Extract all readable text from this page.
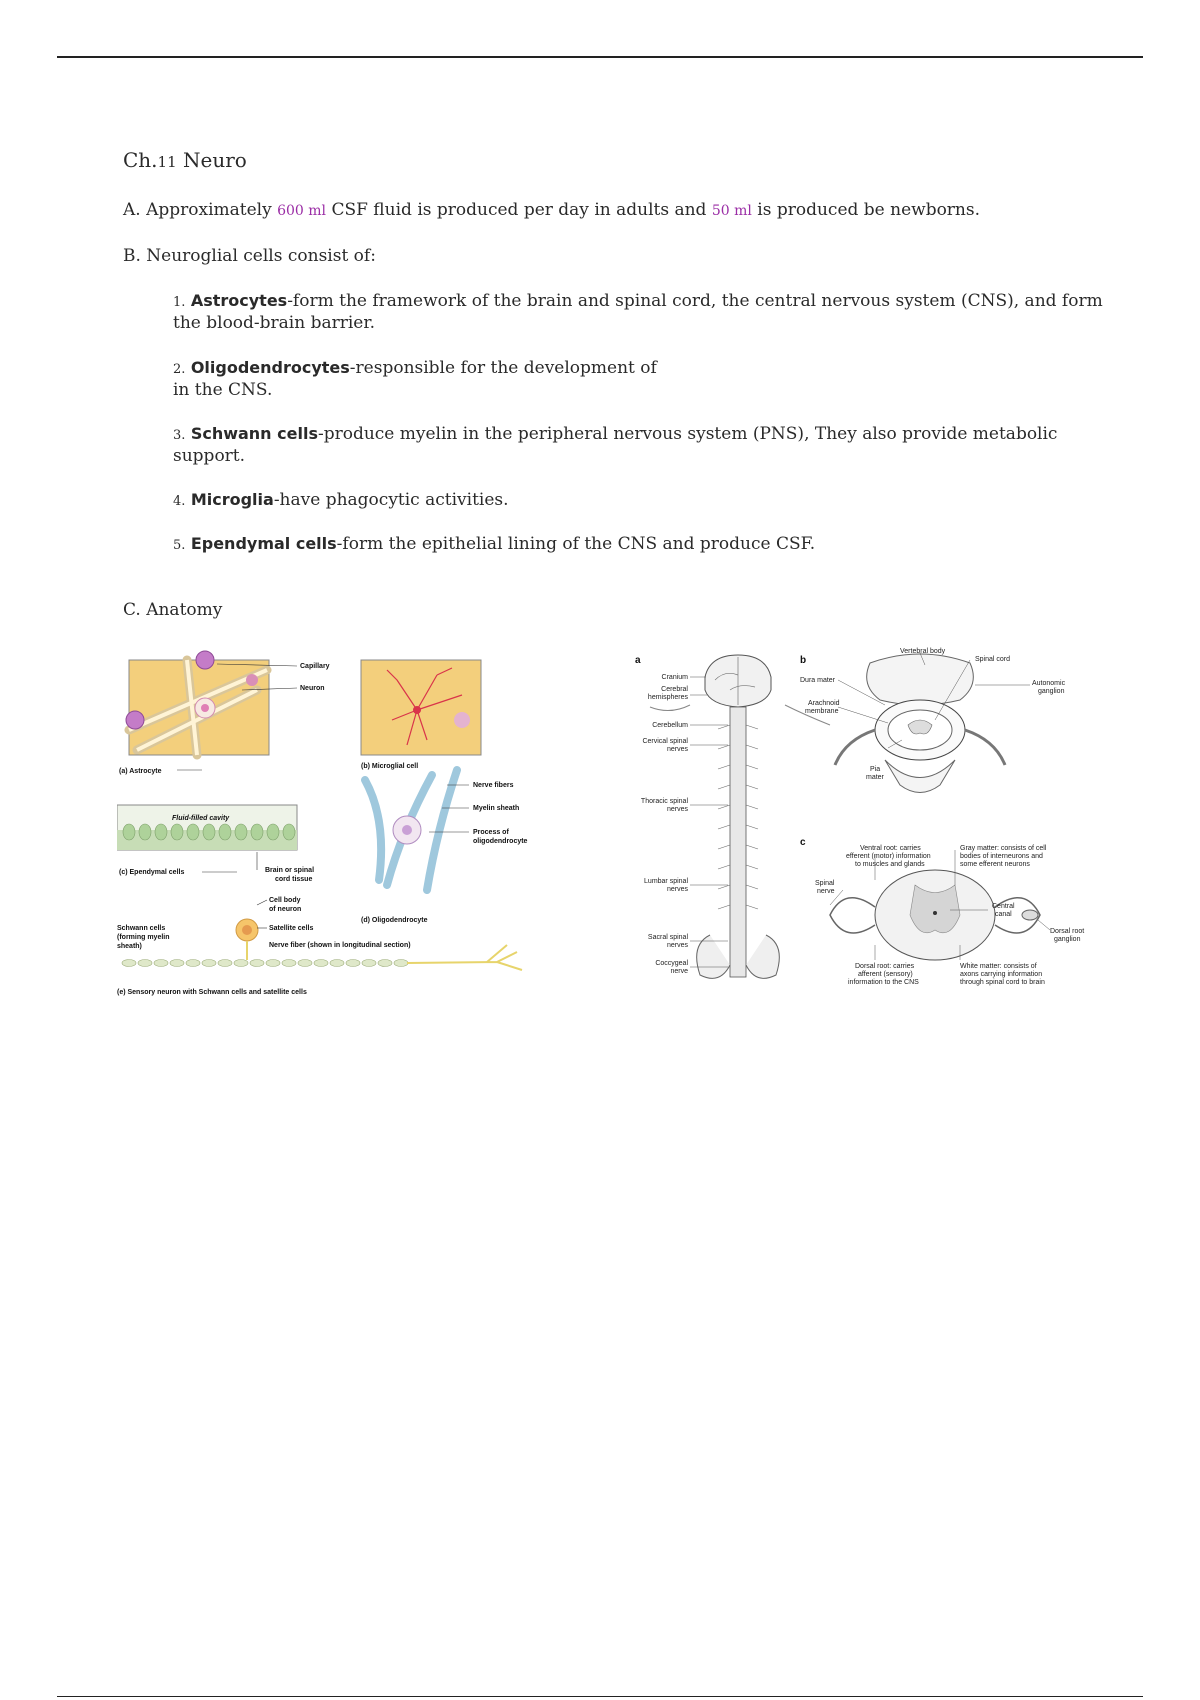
Ch.11 Neuro
A. Approximately 600 ml CSF fluid is produced per day in adults and 50 ml is produced be newborns.
B. Neuroglial cells consist of:
1. Astrocytes-form the framework of the brain and spinal cord, the central nervous system (CNS), and form
the blood-brain barrier.
2. Oligodendrocytes-responsible for the development of
in the CNS.
3. Schwann cells-produce myelin in the peripheral nervous system (PNS), They also provide metabolic
support.
4. Microglia-have phagocytic activities.
5. Ependymal cells-form the epithelial lining of the CNS and produce CSF.
C. Anatomy
Capillary
Neuron
(a) Astrocyte
(b) Microglial cell
Fluid-filled cavity
(c) Ependymal cells	Brain or spinal
cord tissue
Nerve fibers
Myelin sheath
Process of
oligodendrocyte
(d) Oligodendrocyte
Cell body
of neuron
Satellite cells
Nerve fiber (shown in longitudinal section)
Schwann cells
(forming myelin
sheath)
(e) Sensory neuron with Schwann cells and satellite cells
a
Cranium
Cerebral
hemispheres
Cerebellum
Cervical spinal
nerves
Thoracic spinal
nerves
Lumbar spinal
nerves
Sacral spinal
nerves
Coccygeal
nerve
b
Vertebral body
Spinal cord
Dura mater	Autonomic
ganglion
Arachnoid
membrane
Pia
mater
c
Ventral root: carries
efferent (motor) information
to muscles and glands
Gray matter: consists of cell
bodies of interneurons and
some efferent neurons
Spinal
nerve
Central
canal
Dorsal root
ganglion
Dorsal root: carries
afferent (sensory)
information to the CNS
White matter: consists of
axons carrying information
through spinal cord to brain
